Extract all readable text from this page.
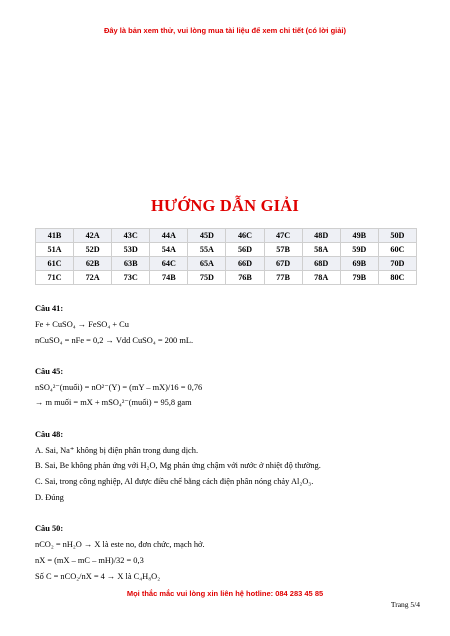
Đây là bản xem thử, vui lòng mua tài liệu để xem chi tiết (có lời giải)
HƯỚNG DẪN GIẢI
41B	42A	43C	44A	45D	46C	47C	48D	49B	50D
51A	52D	53D	54A	55A	56D	57B	58A	59D	60C
61C	62B	63B	64C	65A	66D	67D	68D	69B	70D
71C	72A	73C	74B	75D	76B	77B	78A	79B	80C
Câu 41:
Fe + CuSO₄ → FeSO₄ + Cu
nCuSO₄ = nFe = 0,2 → Vdd CuSO₄ = 200 mL.
Câu 45:
nSO₄²⁻(muối) = nO²⁻(Y) = (mY – mX)/16 = 0,76
→ m muối = mX + mSO₄²⁻(muối) = 95,8 gam
Câu 48:
A. Sai, Na⁺ không bị điện phân trong dung dịch.
B. Sai, Be không phản ứng với H₂O, Mg phản ứng chậm với nước ở nhiệt độ thường.
C. Sai, trong công nghiệp, Al được điều chế bằng cách điện phân nóng chảy Al₂O₃.
D. Đúng
Câu 50:
nCO₂ = nH₂O → X là este no, đơn chức, mạch hở.
nX = (mX – mC – mH)/32 = 0,3
Số C = nCO₂/nX = 4 → X là C₄H₈O₂
Mọi thắc mắc vui lòng xin liên hệ hotline: 084 283 45 85
Trang 5/4
